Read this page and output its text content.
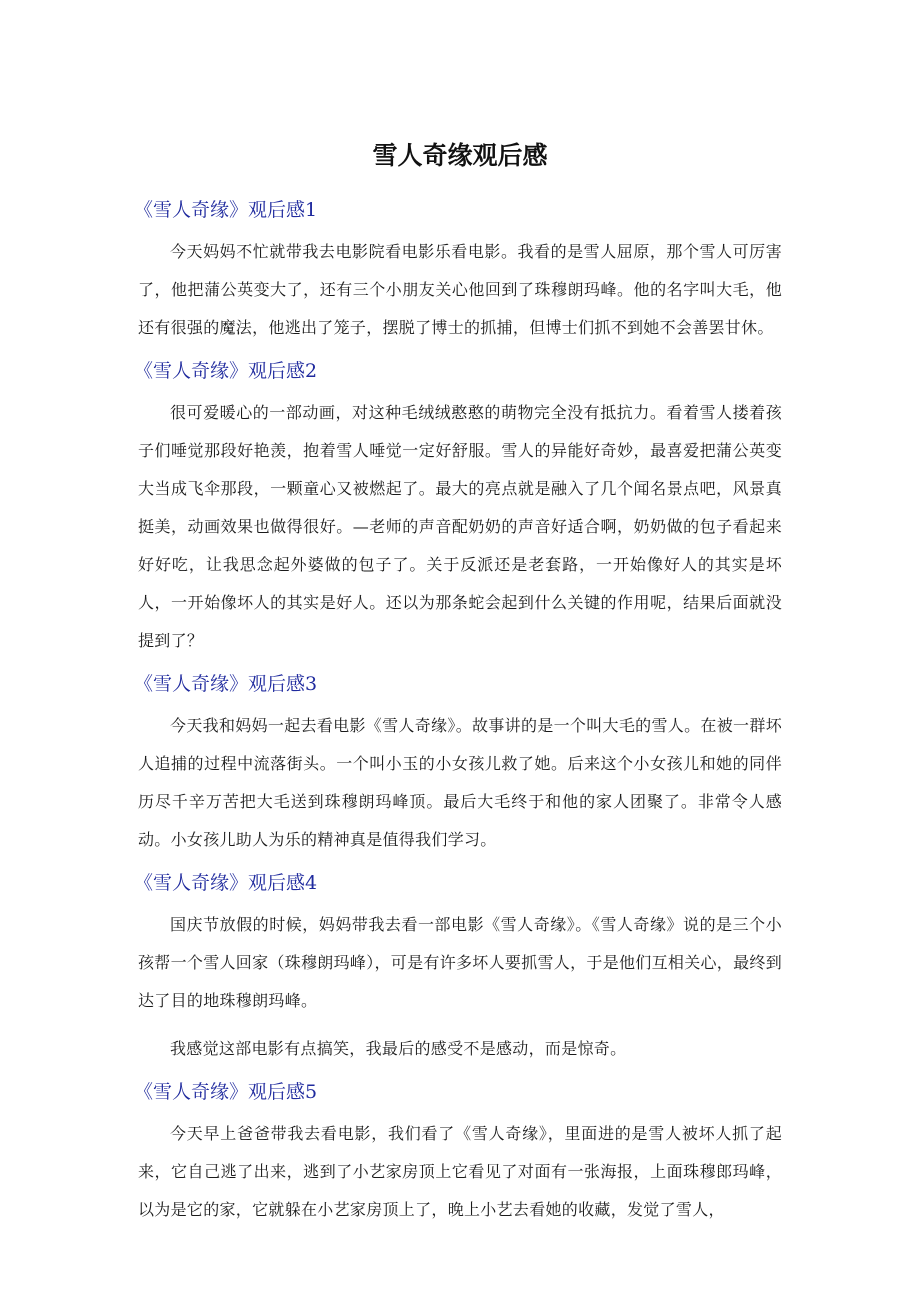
雪人奇缘观后感
《雪人奇缘》观后感1

今天妈妈不忙就带我去电影院看电影乐看电影。我看的是雪人屈原，那个雪人可厉害了，他把蒲公英变大了，还有三个小朋友关心他回到了珠穆朗玛峰。他的名字叫大毛，他还有很强的魔法，他逃出了笼子，摆脱了博士的抓捕，但博士们抓不到她不会善罢甘休。

《雪人奇缘》观后感2

很可爱暖心的一部动画，对这种毛绒绒憨憨的萌物完全没有抵抗力。看着雪人搂着孩子们唾觉那段好艳羡，抱着雪人唾觉一定好舒服。雪人的异能好奇妙，最喜爱把蒲公英变大当成飞伞那段，一颗童心又被燃起了。最大的亮点就是融入了几个闻名景点吧，风景真挺美，动画效果也做得很好。—老师的声音配奶奶的声音好适合啊，奶奶做的包子看起来好好吃，让我思念起外婆做的包子了。关于反派还是老套路，一开始像好人的其实是坏人，一开始像坏人的其实是好人。还以为那条蛇会起到什么关键的作用呢，结果后面就没提到了？

《雪人奇缘》观后感3

今天我和妈妈一起去看电影《雪人奇缘》。故事讲的是一个叫大毛的雪人。在被一群坏人追捕的过程中流落街头。一个叫小玉的小女孩儿救了她。后来这个小女孩儿和她的同伴历尽千辛万苦把大毛送到珠穆朗玛峰顶。最后大毛终于和他的家人团聚了。非常令人感动。小女孩儿助人为乐的精神真是值得我们学习。

《雪人奇缘》观后感4

国庆节放假的时候，妈妈带我去看一部电影《雪人奇缘》。《雪人奇缘》说的是三个小孩帮一个雪人回家（珠穆朗玛峰），可是有许多坏人要抓雪人，于是他们互相关心，最终到达了目的地珠穆朗玛峰。

我感觉这部电影有点搞笑，我最后的感受不是感动，而是惊奇。

《雪人奇缘》观后感5

今天早上爸爸带我去看电影，我们看了《雪人奇缘》，里面进的是雪人被坏人抓了起来，它自己逃了出来，逃到了小艺家房顶上它看见了对面有一张海报，上面珠穆郎玛峰，以为是它的家，它就躲在小艺家房顶上了，晚上小艺去看她的收藏，发觉了雪人，
